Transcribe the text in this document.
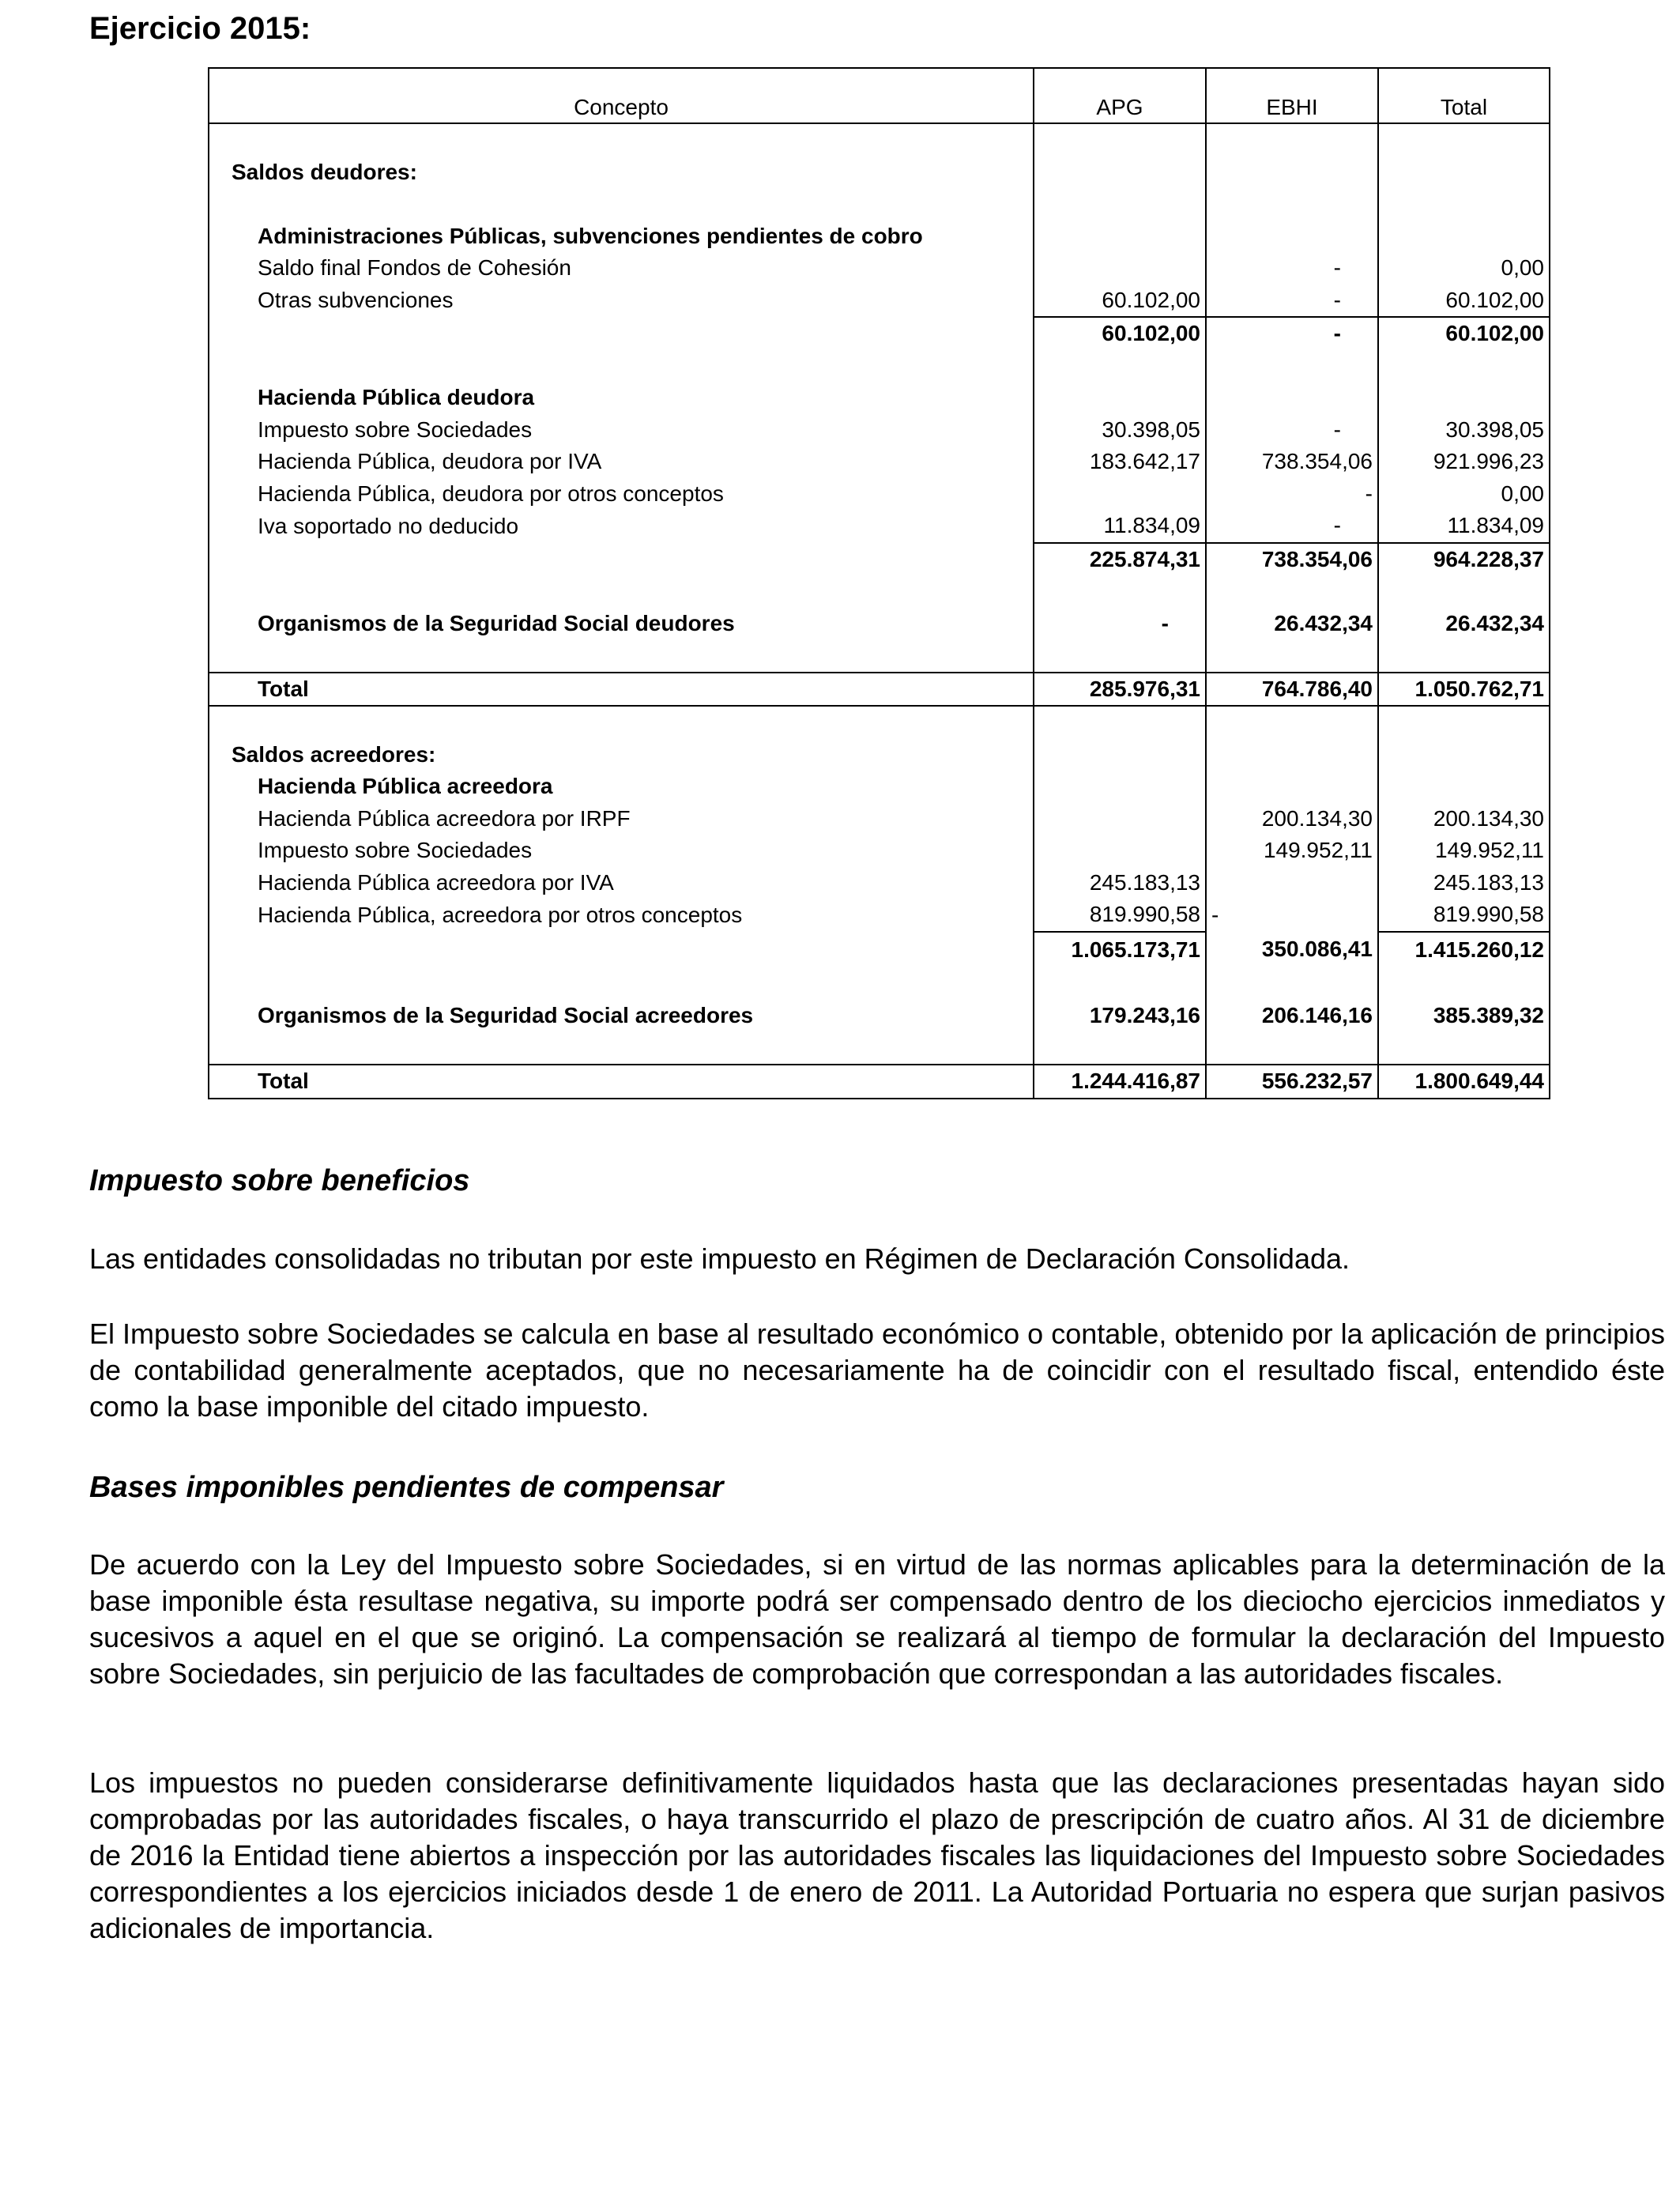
Ejercicio 2015:
Concepto	APG	EBHI	Total

Saldos deudores:			

Administraciones Públicas, subvenciones pendientes de cobro			
Saldo final Fondos de Cohesión		-	0,00
Otras subvenciones	60.102,00	-	60.102,00
	60.102,00	-	60.102,00

Hacienda Pública deudora			
Impuesto sobre Sociedades	30.398,05	-	30.398,05
Hacienda Pública, deudora por IVA	183.642,17	738.354,06	921.996,23
Hacienda Pública, deudora por otros conceptos		-	0,00
Iva soportado no deducido	11.834,09	-	11.834,09
	225.874,31	738.354,06	964.228,37

Organismos de la Seguridad Social deudores	-	26.432,34	26.432,34

Total	285.976,31	764.786,40	1.050.762,71

Saldos acreedores:			
Hacienda Pública acreedora			
Hacienda Pública acreedora por IRPF		200.134,30	200.134,30
Impuesto sobre Sociedades		149.952,11	149.952,11
Hacienda Pública acreedora por IVA	245.183,13		245.183,13
Hacienda Pública, acreedora por otros conceptos	819.990,58	-	819.990,58
	1.065.173,71	350.086,41	1.415.260,12

Organismos de la Seguridad Social acreedores	179.243,16	206.146,16	385.389,32

Total	1.244.416,87	556.232,57	1.800.649,44
Impuesto sobre beneficios

Las entidades consolidadas no tributan por este impuesto en Régimen de Declaración Consolidada.

El Impuesto sobre Sociedades se calcula en base al resultado económico o contable, obtenido por la aplicación de principios de contabilidad generalmente aceptados, que no necesariamente ha de coincidir con el resultado fiscal, entendido éste como la base imponible del citado impuesto.

Bases imponibles pendientes de compensar

De acuerdo con la Ley del Impuesto sobre Sociedades, si en virtud de las normas aplicables para la determinación de la base imponible ésta resultase negativa, su importe podrá ser compensado dentro de los dieciocho ejercicios inmediatos y sucesivos a aquel en el que se originó. La compensación se realizará al tiempo de formular la declaración del Impuesto sobre Sociedades, sin perjuicio de las facultades de comprobación que correspondan a las autoridades fiscales.

Los impuestos no pueden considerarse definitivamente liquidados hasta que las declaraciones presentadas hayan sido comprobadas por las autoridades fiscales, o haya transcurrido el plazo de prescripción de cuatro años. Al 31 de diciembre de 2016 la Entidad tiene abiertos a inspección por las autoridades fiscales las liquidaciones del Impuesto sobre Sociedades correspondientes a los ejercicios iniciados desde 1 de enero de 2011. La Autoridad Portuaria no espera que surjan pasivos adicionales de importancia.
